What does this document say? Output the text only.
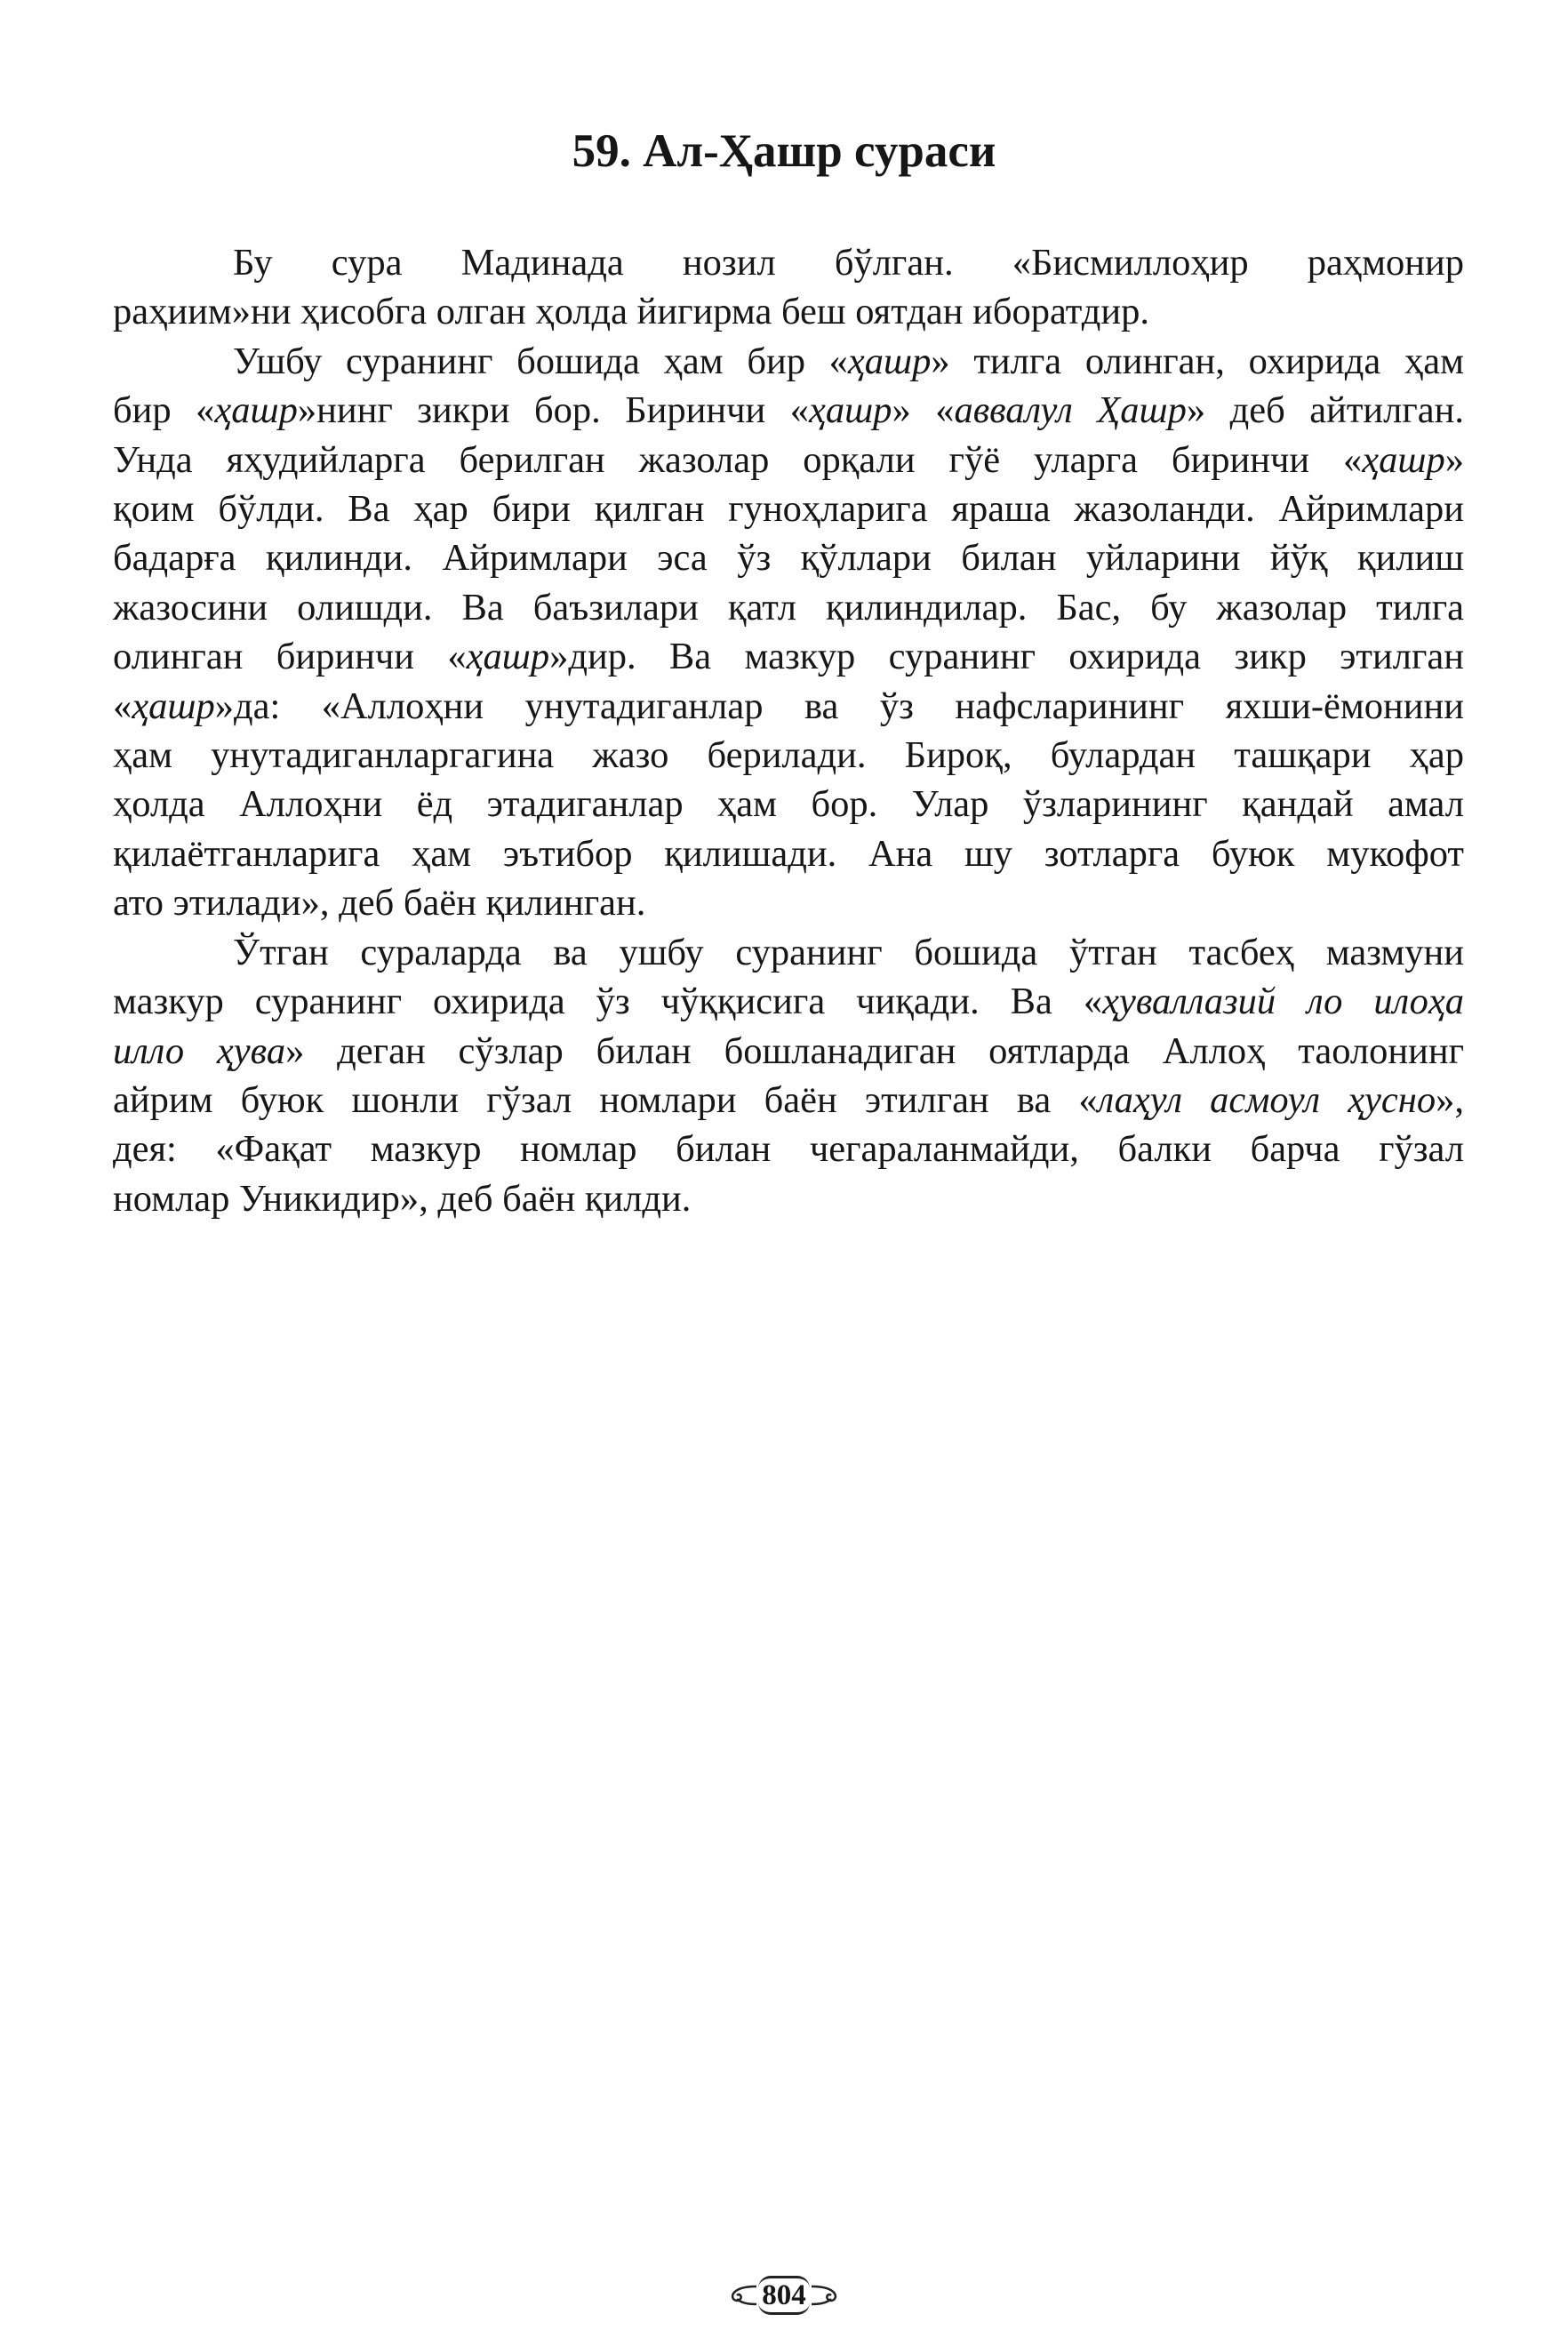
59. Ал-Ҳашр сураси

Бу сура Мадинада нозил бўлган. «Бисмиллоҳир раҳмонир
раҳиим»ни ҳисобга олган ҳолда йигирма беш оятдан иборатдир.

Ушбу суранинг бошида ҳам бир «ҳашр» тилга олинган, охирида ҳам
бир «ҳашр»нинг зикри бор. Биринчи «ҳашр» «аввалул Ҳашр» деб айтилган.
Унда яҳудийларга берилган жазолар орқали гўё уларга биринчи «ҳашр»
қоим бўлди. Ва ҳар бири қилган гуноҳларига яраша жазоланди. Айримлари
бадарға қилинди. Айримлари эса ўз қўллари билан уйларини йўқ қилиш
жазосини олишди. Ва баъзилари қатл қилиндилар. Бас, бу жазолар тилга
олинган биринчи «ҳашр»дир. Ва мазкур суранинг охирида зикр этилган
«ҳашр»да: «Аллоҳни унутадиганлар ва ўз нафсларининг яхши-ёмонини
ҳам унутадиганларгагина жазо берилади. Бироқ, булардан ташқари ҳар
ҳолда Аллоҳни ёд этадиганлар ҳам бор. Улар ўзларининг қандай амал
қилаётганларига ҳам эътибор қилишади. Ана шу зотларга буюк мукофот
ато этилади», деб баён қилинган.

Ўтган сураларда ва ушбу суранинг бошида ўтган тасбеҳ мазмуни
мазкур суранинг охирида ўз чўққисига чиқади. Ва «ҳуваллазий ло илоҳа
илло ҳува» деган сўзлар билан бошланадиган оятларда Аллоҳ таолонинг
айрим буюк шонли гўзал номлари баён этилган ва «лаҳул асмоул ҳусно»,
дея: «Фақат мазкур номлар билан чегараланмайди, балки барча гўзал
номлар Уникидир», деб баён қилди.

804
